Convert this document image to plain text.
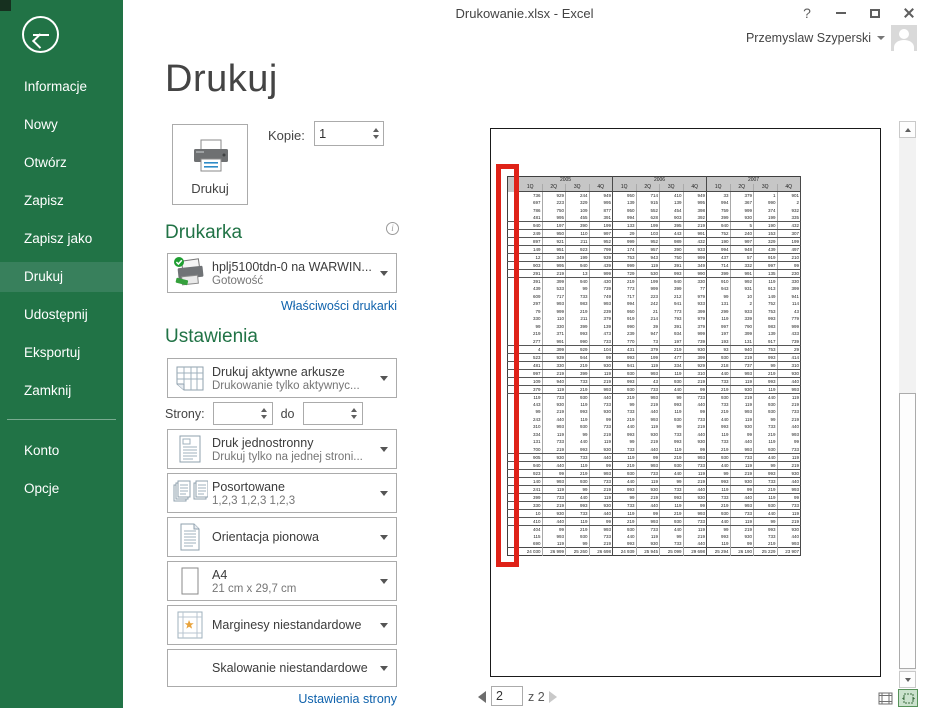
Informacje
Nowy
Otwórz
Zapisz
Zapisz jako
Drukuj
Udostępnij
Eksportuj
Zamknij
Konto
Opcje
Drukowanie.xlsx - Excel	?
Przemyslaw Szyperski
Drukuj
Drukuj
Kopie:
1
Drukarka	i
hplj5100tdn-0 na WARWIN...
Gotowość
Właściwości drukarki
Ustawienia
Drukuj aktywne arkusze
Drukowanie tylko aktywnyc...
Strony:	do
Druk jednostronny
Drukuj tylko na jednej stroni...
Posortowane
1,2,3 1,2,3 1,2,3
Orientacja pionowa
A4
21 cm x 29,7 cm
Marginesy niestandardowe
Skalowanie niestandardowe
Ustawienia strony
	2005				2006				2007			
	1Q	2Q	3Q	4Q	1Q	2Q	3Q	4Q	1Q	2Q	3Q	4Q
	736	929	244	949	950	714	410	949	33	379	1	901
	697	223	329	995	139	915	139	995	994	367	990	2
	786	750	109	877	950	552	454	398	759	999	374	932
	481	995	455	391	994	628	903	392	399	930	199	335
	940	197	390	199	133	199	395	219	940	5	190	432
	249	950	110	997	29	103	443	991	752	240	153	307
	897	921	211	952	999	952	989	432	190	997	329	199
	149	951	923	799	174	957	390	933	994	948	439	497
	12	349	199	939	753	943	750	999	437	57	919	210
	903	995	940	439	999	119	391	349	714	332	997	99
	291	219	13	999	729	530	993	990	399	991	135	230
	391	399	940	430	219	199	940	330	910	992	119	330
	439	533	99	739	773	999	399	77	943	931	913	399
	609	717	733	749	717	223	212	979	99	10	149	941
	297	993	983	993	994	242	941	933	131	2	752	114
	79	999	219	239	950	21	773	399	299	933	753	43
	330	110	211	379	919	214	793	979	119	339	993	779
	99	330	399	139	990	39	391	379	997	790	983	999
	219	371	993	473	239	947	934	999	197	399	139	433
	277	991	990	733	770	73	197	739	193	131	917	739
	4	399	929	104	431	379	219	930	93	940	753	29
	523	939	944	99	993	199	477	399	930	219	993	414
	481	330	219	930	941	119	334	929	218	737	99	310
	997	219	399	119	930	993	119	310	440	993	219	930
	109	940	733	219	993	43	930	219	733	119	993	440
	379	119	219	993	930	733	440	99	219	930	119	993
	119	733	930	440	219	993	99	733	930	219	440	119
	443	930	119	733	99	219	993	440	733	119	930	219
	99	219	993	930	733	440	119	99	219	993	930	733
	243	440	119	99	219	993	930	733	440	119	99	219
	310	993	930	733	440	119	99	219	993	930	733	440
	334	119	99	219	993	930	733	440	119	99	219	993
	131	733	440	119	99	219	993	930	733	440	119	99
	700	219	993	930	733	440	119	99	219	993	930	733
	905	930	733	440	119	99	219	993	930	733	440	119
	940	440	119	99	219	993	930	733	440	119	99	219
	923	99	219	993	930	733	440	119	99	219	993	930
	140	993	930	733	440	119	99	219	993	930	733	440
	241	119	99	219	993	930	733	440	119	99	219	993
	399	733	440	119	99	219	993	930	733	440	119	99
	330	219	993	930	733	440	119	99	219	993	930	733
	10	930	733	440	119	99	219	993	930	733	440	119
	410	440	119	99	219	993	930	733	440	119	99	219
	404	99	219	993	930	733	440	119	99	219	993	930
	115	993	930	733	440	119	99	219	993	930	733	440
	690	119	99	219	993	930	733	440	119	99	219	993
	24 030	26 999	25 260	26 698	24 939	25 945	25 099	29 698	25 294	26 190	25 229	23 907
2
z 2
